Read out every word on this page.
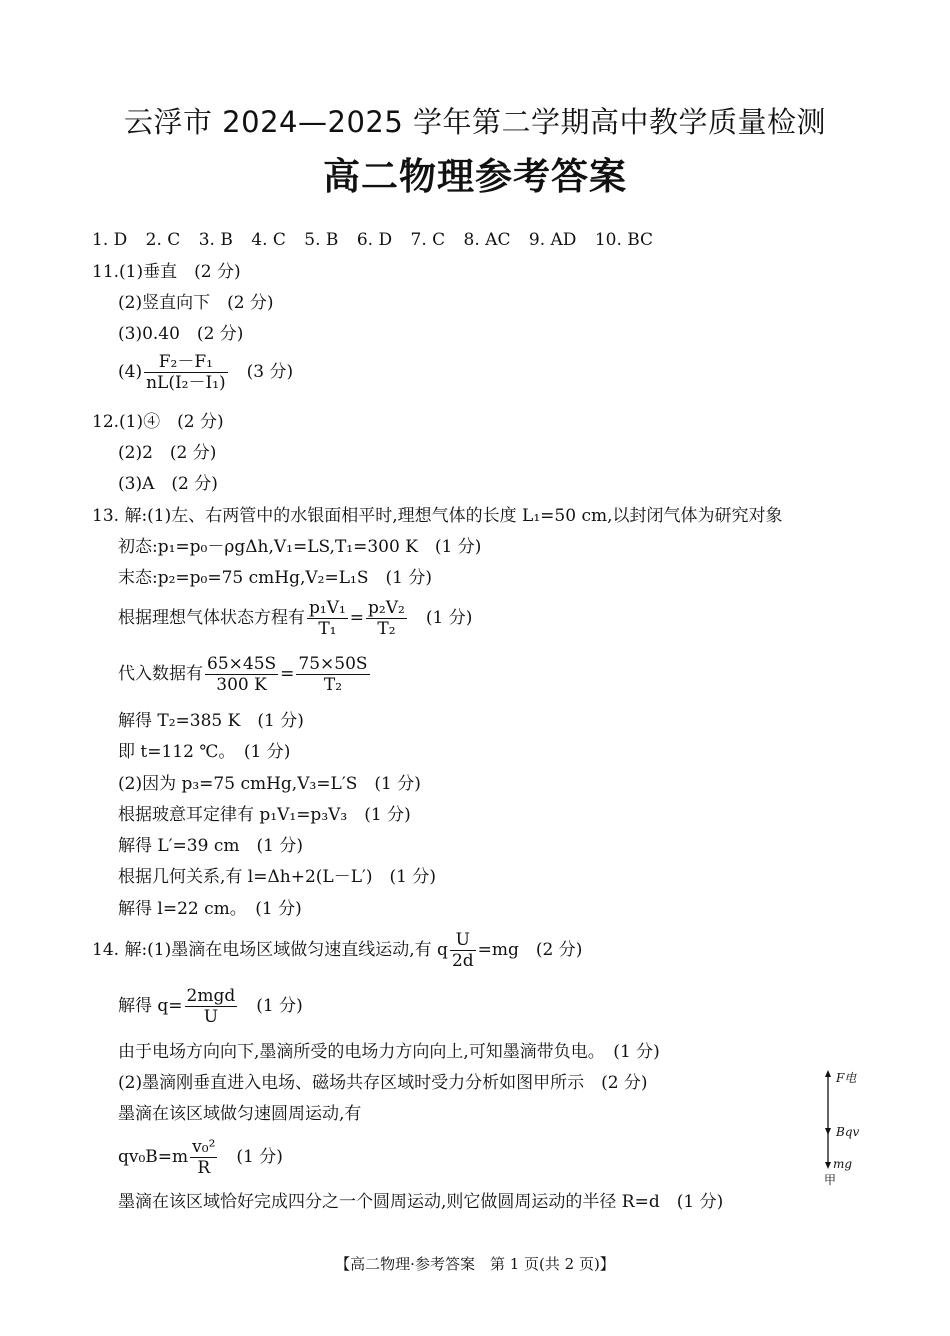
云浮市 2024—2025 学年第二学期高中教学质量检测
高二物理参考答案
1. D 2. C 3. B 4. C 5. B 6. D 7. C 8. AC 9. AD 10. BC
11.(1)垂直　(2 分)
(2)竖直向下　(2 分)
(3)0.40　(2 分)
$(4) \frac{\text{F₂－F₁}}{\text{nL(I₂－I₁)}}$
　 (3 分)
12.(1)④　(2 分)
(2)2　(2 分)
(3)A　(2 分)
13. 解:(1)左、右两管中的水银面相平时,理想气体的长度 L₁=50 cm,以封闭气体为研究对象
初态:p₁=p₀－ρgΔh,V₁=LS,T₁=300 K　(1 分)
末态:p₂=p₀=75 cmHg,V₂=L₁S　(1 分)
根据理想气体状态方程有 $\frac{\text{p₁V₁}}{\text{T₁}} = \frac{\text{p₂V₂}}{\text{T₂}}$
　 (1 分)
代入数据有 $\frac{65\times 45S}{300 K} = \frac{75\times 50S}{\text{T₂}}$
解得 T₂=385 K　(1 分)
即 t=112 ℃。　(1 分)
(2)因为 p₃=75 cmHg,V₃=L′S　(1 分)
根据玻意耳定律有 p₁V₁=p₃V₃　(1 分)
解得 L′=39 cm　(1 分)
根据几何关系,有 l=Δh+2(L－L′)　(1 分)
解得 l=22 cm。　(1 分)
14. 解:(1)墨滴在电场区域做匀速直线运动,有 q $\frac{U}{2d} =mg$　(2 分)
解得 $q= \frac{\text{2mgd}}{U}$
　 (1 分)
由于电场方向向下,墨滴所受的电场力方向向上,可知墨滴带负电。　(1 分)
(2)墨滴刚垂直进入电场、磁场共存区域时受力分析如图甲所示　(2 分)
墨滴在该区域做匀速圆周运动,有
$qv_0B=m \frac{\text{v₀²}}{R}$
　 (1 分)
墨滴在该区域恰好完成四分之一个圆周运动,则它做圆周运动的半径 R=d　(1 分)
F电
Bqv
mg
甲
【高二物理·参考答案　第 1 页(共 2 页)】
